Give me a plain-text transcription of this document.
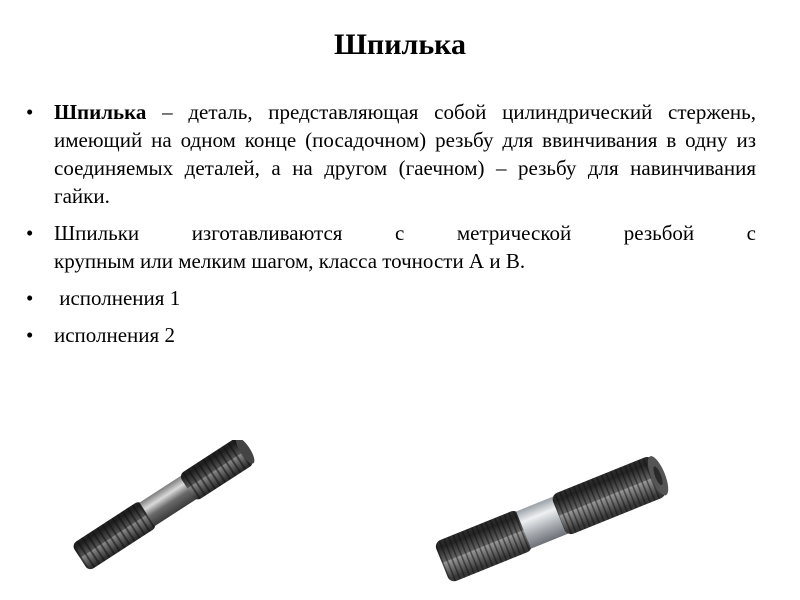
Шпилька
• Шпилька – деталь, представляющая собой цилиндрический стержень, имеющий на одном конце (посадочном) резьбу для ввинчивания в одну из соединяемых деталей, а на другом (гаечном) – резьбу для навинчивания гайки.
• Шпильки изготавливаются с метрической резьбой с
крупным или мелким шагом, класса точности А и В.
• исполнения 1
• исполнения 2
